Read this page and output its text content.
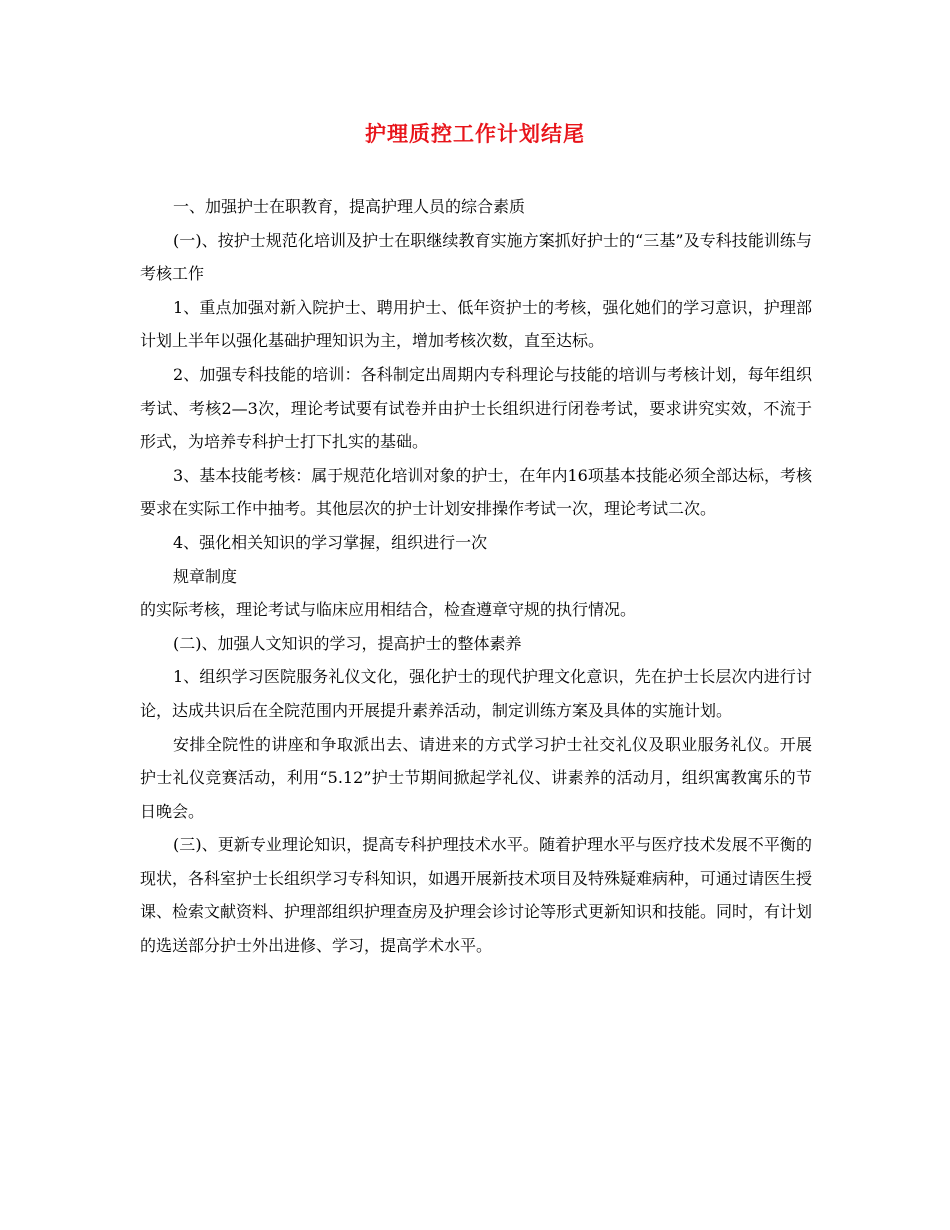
护理质控工作计划结尾

一、加强护士在职教育，提高护理人员的综合素质

(一)、按护士规范化培训及护士在职继续教育实施方案抓好护士的“三基”及专科技能训练与考核工作

1、重点加强对新入院护士、聘用护士、低年资护士的考核，强化她们的学习意识，护理部计划上半年以强化基础护理知识为主，增加考核次数，直至达标。

2、加强专科技能的培训：各科制定出周期内专科理论与技能的培训与考核计划，每年组织考试、考核2—3次，理论考试要有试卷并由护士长组织进行闭卷考试，要求讲究实效，不流于形式，为培养专科护士打下扎实的基础。

3、基本技能考核：属于规范化培训对象的护士，在年内16项基本技能必须全部达标，考核要求在实际工作中抽考。其他层次的护士计划安排操作考试一次，理论考试二次。

4、强化相关知识的学习掌握，组织进行一次

规章制度

的实际考核，理论考试与临床应用相结合，检查遵章守规的执行情况。

(二)、加强人文知识的学习，提高护士的整体素养

1、组织学习医院服务礼仪文化，强化护士的现代护理文化意识，先在护士长层次内进行讨论，达成共识后在全院范围内开展提升素养活动，制定训练方案及具体的实施计划。

安排全院性的讲座和争取派出去、请进来的方式学习护士社交礼仪及职业服务礼仪。开展护士礼仪竞赛活动，利用“5.12”护士节期间掀起学礼仪、讲素养的活动月，组织寓教寓乐的节日晚会。

(三)、更新专业理论知识，提高专科护理技术水平。随着护理水平与医疗技术发展不平衡的现状，各科室护士长组织学习专科知识，如遇开展新技术项目及特殊疑难病种，可通过请医生授课、检索文献资料、护理部组织护理查房及护理会诊讨论等形式更新知识和技能。同时，有计划的选送部分护士外出进修、学习，提高学术水平。
